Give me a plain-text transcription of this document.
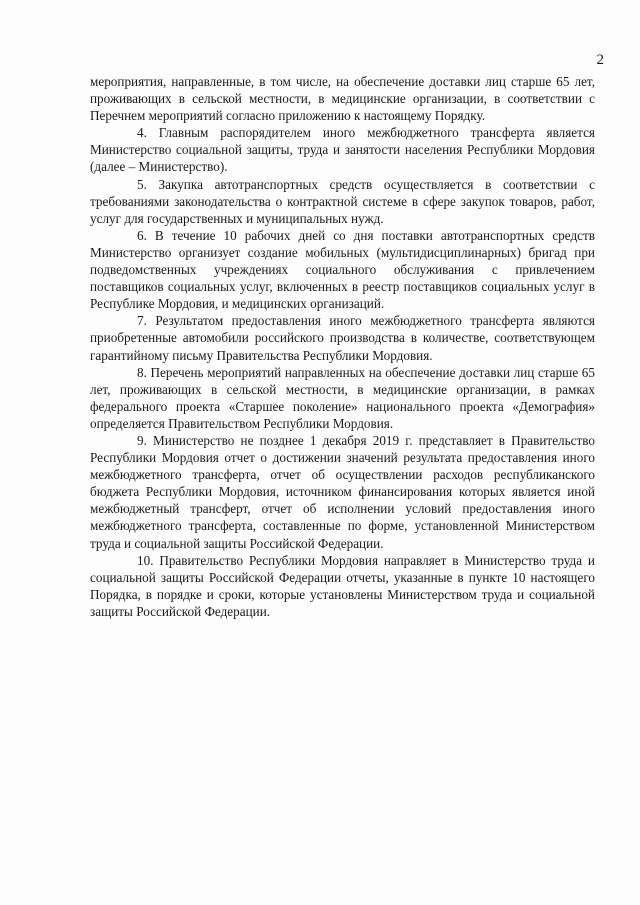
2

мероприятия, направленные, в том числе, на обеспечение доставки лиц старше 65 лет, проживающих в сельской местности, в медицинские организации, в соответствии с Перечнем мероприятий согласно приложению к настоящему Порядку.

4. Главным распорядителем иного межбюджетного трансферта является Министерство социальной защиты, труда и занятости населения Республики Мордовия (далее – Министерство).

5. Закупка автотранспортных средств осуществляется в соответствии с требованиями законодательства о контрактной системе в сфере закупок товаров, работ, услуг для государственных и муниципальных нужд.

6. В течение 10 рабочих дней со дня поставки автотранспортных средств Министерство организует создание мобильных (мультидисциплинарных) бригад при подведомственных учреждениях социального обслуживания с привлечением поставщиков социальных услуг, включенных в реестр поставщиков социальных услуг в Республике Мордовия, и медицинских организаций.

7. Результатом предоставления иного межбюджетного трансферта являются приобретенные автомобили российского производства в количестве, соответствующем гарантийному письму Правительства Республики Мордовия.

8. Перечень мероприятий направленных на обеспечение доставки лиц старше 65 лет, проживающих в сельской местности, в медицинские организации, в рамках федерального проекта «Старшее поколение» национального проекта «Демография» определяется Правительством Республики Мордовия.

9. Министерство не позднее 1 декабря 2019 г. представляет в Правительство Республики Мордовия отчет о достижении значений результата предоставления иного межбюджетного трансферта, отчет об осуществлении расходов республиканского бюджета Республики Мордовия, источником финансирования которых является иной межбюджетный трансферт, отчет об исполнении условий предоставления иного межбюджетного трансферта, составленные по форме, установленной Министерством труда и социальной защиты Российской Федерации.

10. Правительство Республики Мордовия направляет в Министерство труда и социальной защиты Российской Федерации отчеты, указанные в пункте 10 настоящего Порядка, в порядке и сроки, которые установлены Министерством труда и социальной защиты Российской Федерации.
